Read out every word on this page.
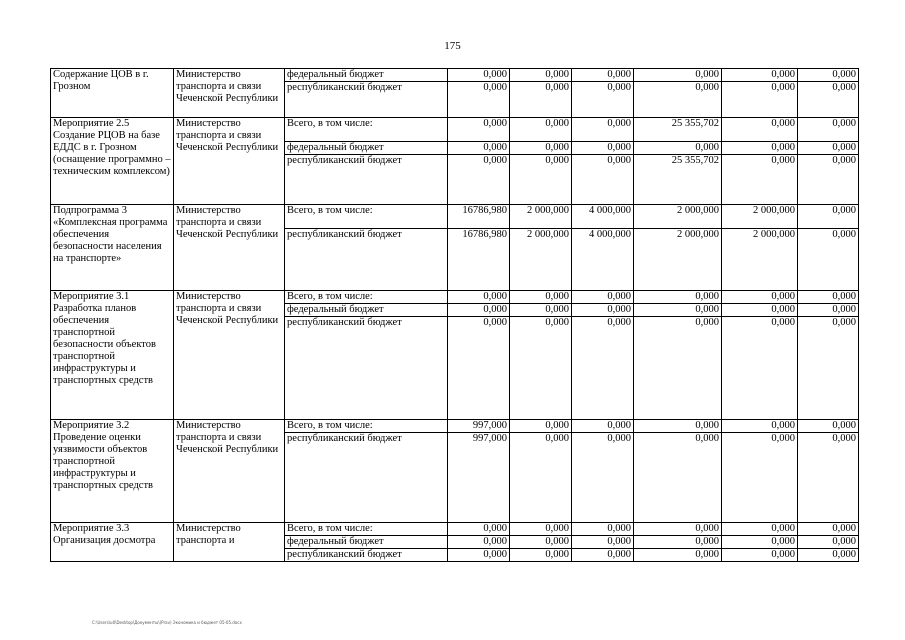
175
Содержание ЦОВ в г. Грозном	Министерство транспорта и связи Чеченской Республики	федеральный бюджет	0,000	0,000	0,000	0,000	0,000	0,000
		республиканский бюджет	0,000	0,000	0,000	0,000	0,000	0,000
Мероприятие 2.5 Создание РЦОВ на базе ЕДДС в г. Грозном (оснащение программно – техническим комплексом)	Министерство транспорта и связи Чеченской Республики	Всего, в том числе:	0,000	0,000	0,000	25 355,702	0,000	0,000
		федеральный бюджет	0,000	0,000	0,000	0,000	0,000	0,000
		республиканский бюджет	0,000	0,000	0,000	25 355,702	0,000	0,000
Подпрограмма 3 «Комплексная программа обеспечения безопасности населения на транспорте»	Министерство транспорта и связи Чеченской Республики	Всего, в том числе:	16786,980	2 000,000	4 000,000	2 000,000	2 000,000	0,000
		республиканский бюджет	16786,980	2 000,000	4 000,000	2 000,000	2 000,000	0,000
Мероприятие 3.1 Разработка планов обеспечения транспортной безопасности объектов транспортной инфраструктуры и транспортных средств	Министерство транспорта и связи Чеченской Республики	Всего, в том числе:	0,000	0,000	0,000	0,000	0,000	0,000
		федеральный бюджет	0,000	0,000	0,000	0,000	0,000	0,000
		республиканский бюджет	0,000	0,000	0,000	0,000	0,000	0,000
Мероприятие 3.2 Проведение оценки уязвимости объектов транспортной инфраструктуры и транспортных средств	Министерство транспорта и связи Чеченской Республики	Всего, в том числе:	997,000	0,000	0,000	0,000	0,000	0,000
		республиканский бюджет	997,000	0,000	0,000	0,000	0,000	0,000
Мероприятие 3.3 Организация досмотра	Министерство транспорта и	Всего, в том числе:	0,000	0,000	0,000	0,000	0,000	0,000
		федеральный бюджет	0,000	0,000	0,000	0,000	0,000	0,000
		республиканский бюджет	0,000	0,000	0,000	0,000	0,000	0,000
C:\Users\u0\Desktop\Документы\(Prav) Экономика и бюджет 05-05.docx
